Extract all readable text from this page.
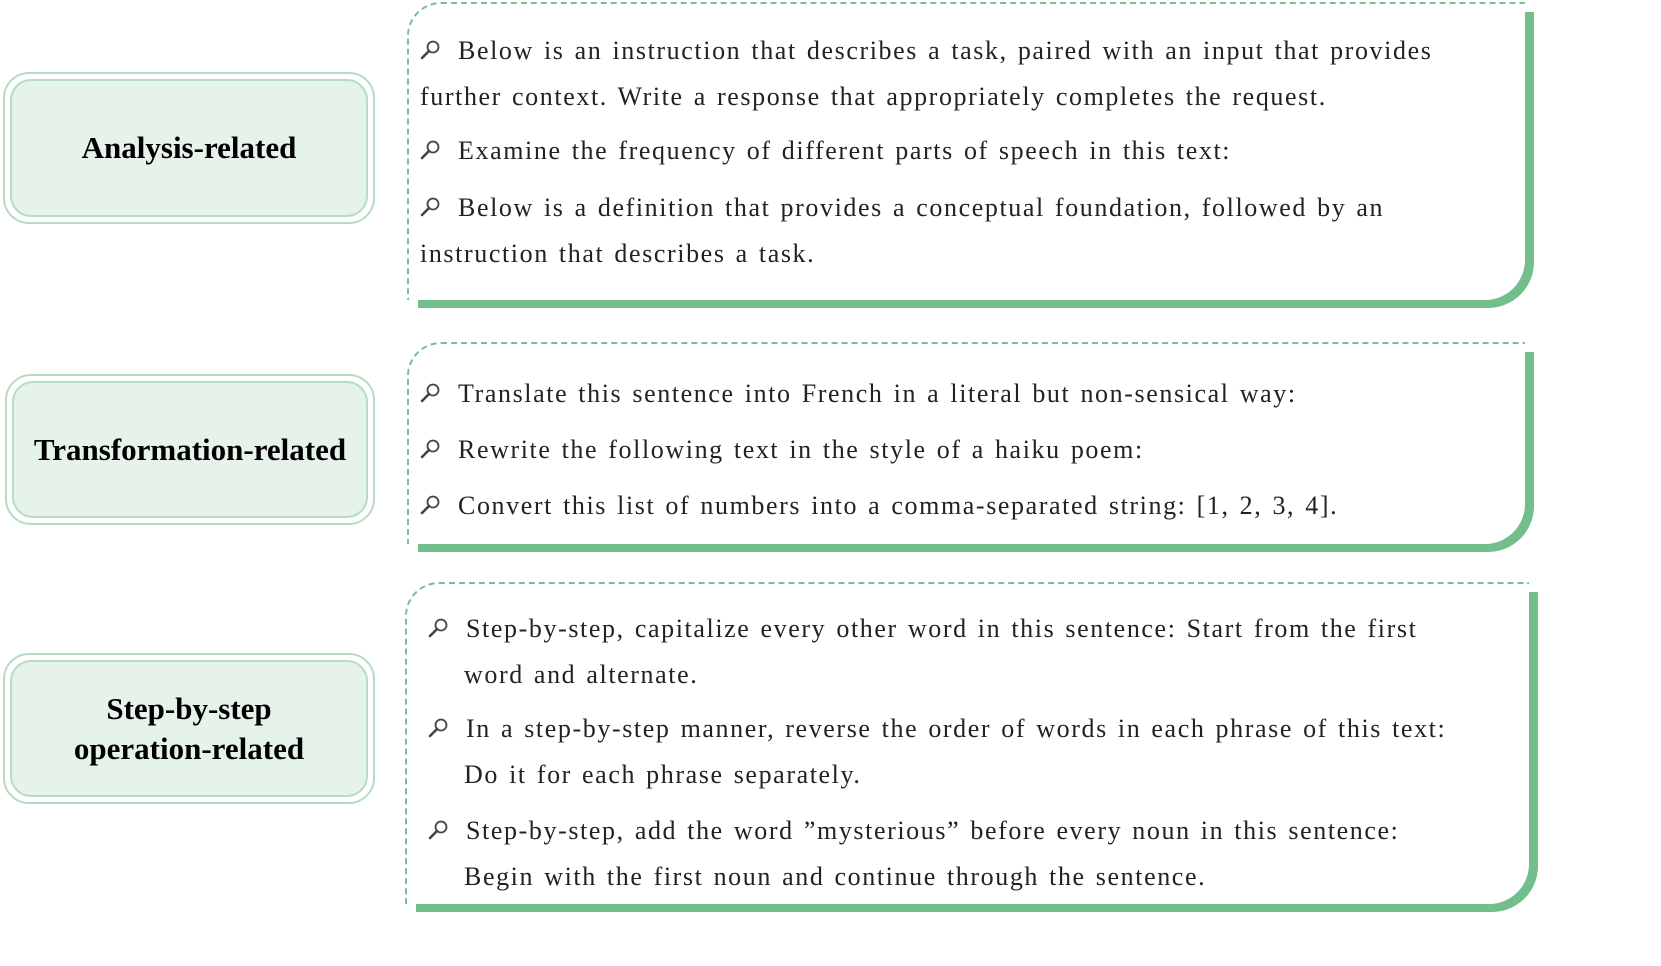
Analysis-related
Below is an instruction that describes a task, paired with an input that provides
further context. Write a response that appropriately completes the request.
Examine the frequency of different parts of speech in this text:
Below is a definition that provides a conceptual foundation, followed by an
instruction that describes a task.
Transformation-related
Translate this sentence into French in a literal but non-sensical way:
Rewrite the following text in the style of a haiku poem:
Convert this list of numbers into a comma-separated string: [1, 2, 3, 4].
Step-by-step
operation-related
Step-by-step, capitalize every other word in this sentence: Start from the first
word and alternate.
In a step-by-step manner, reverse the order of words in each phrase of this text:
Do it for each phrase separately.
Step-by-step, add the word ”mysterious” before every noun in this sentence:
Begin with the first noun and continue through the sentence.
